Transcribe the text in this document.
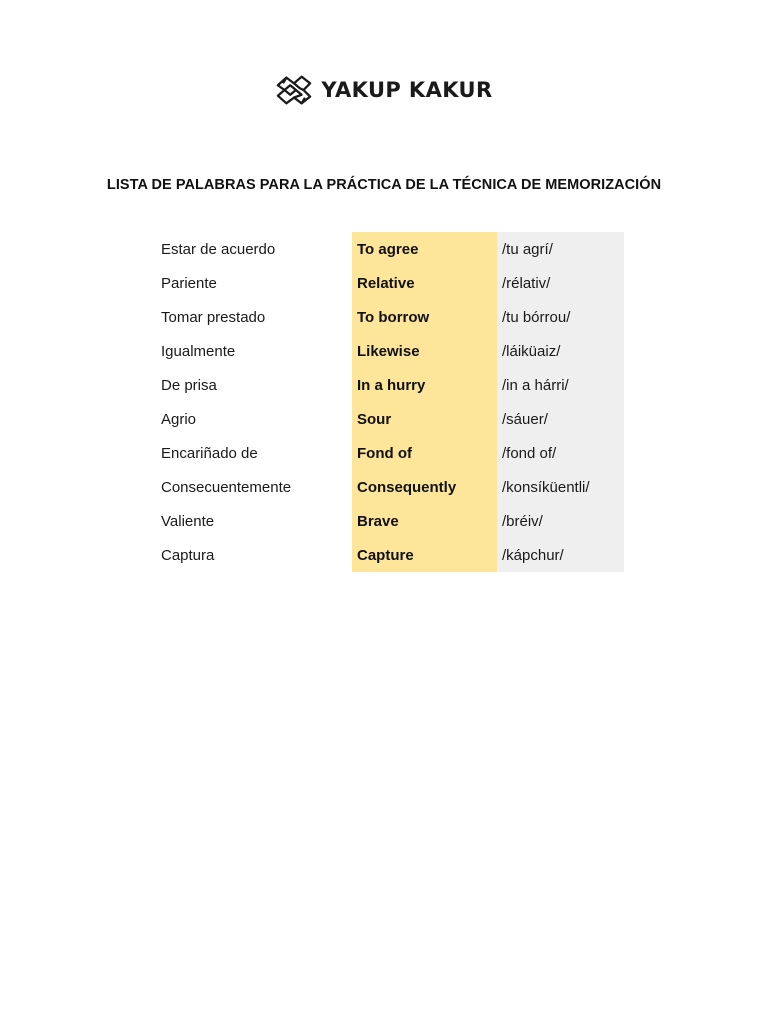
YAKUP KAKUR
LISTA DE PALABRAS PARA LA PRÁCTICA DE LA TÉCNICA DE MEMORIZACIÓN
Estar de acuerdo	To agree	/tu agrí/
Pariente	Relative	/rélativ/
Tomar prestado	To borrow	/tu bórrou/
Igualmente	Likewise	/láiküaiz/
De prisa	In a hurry	/in a hárri/
Agrio	Sour	/sáuer/
Encariñado de	Fond of	/fond of/
Consecuentemente	Consequently	/konsíküentli/
Valiente	Brave	/bréiv/
Captura	Capture	/kápchur/
